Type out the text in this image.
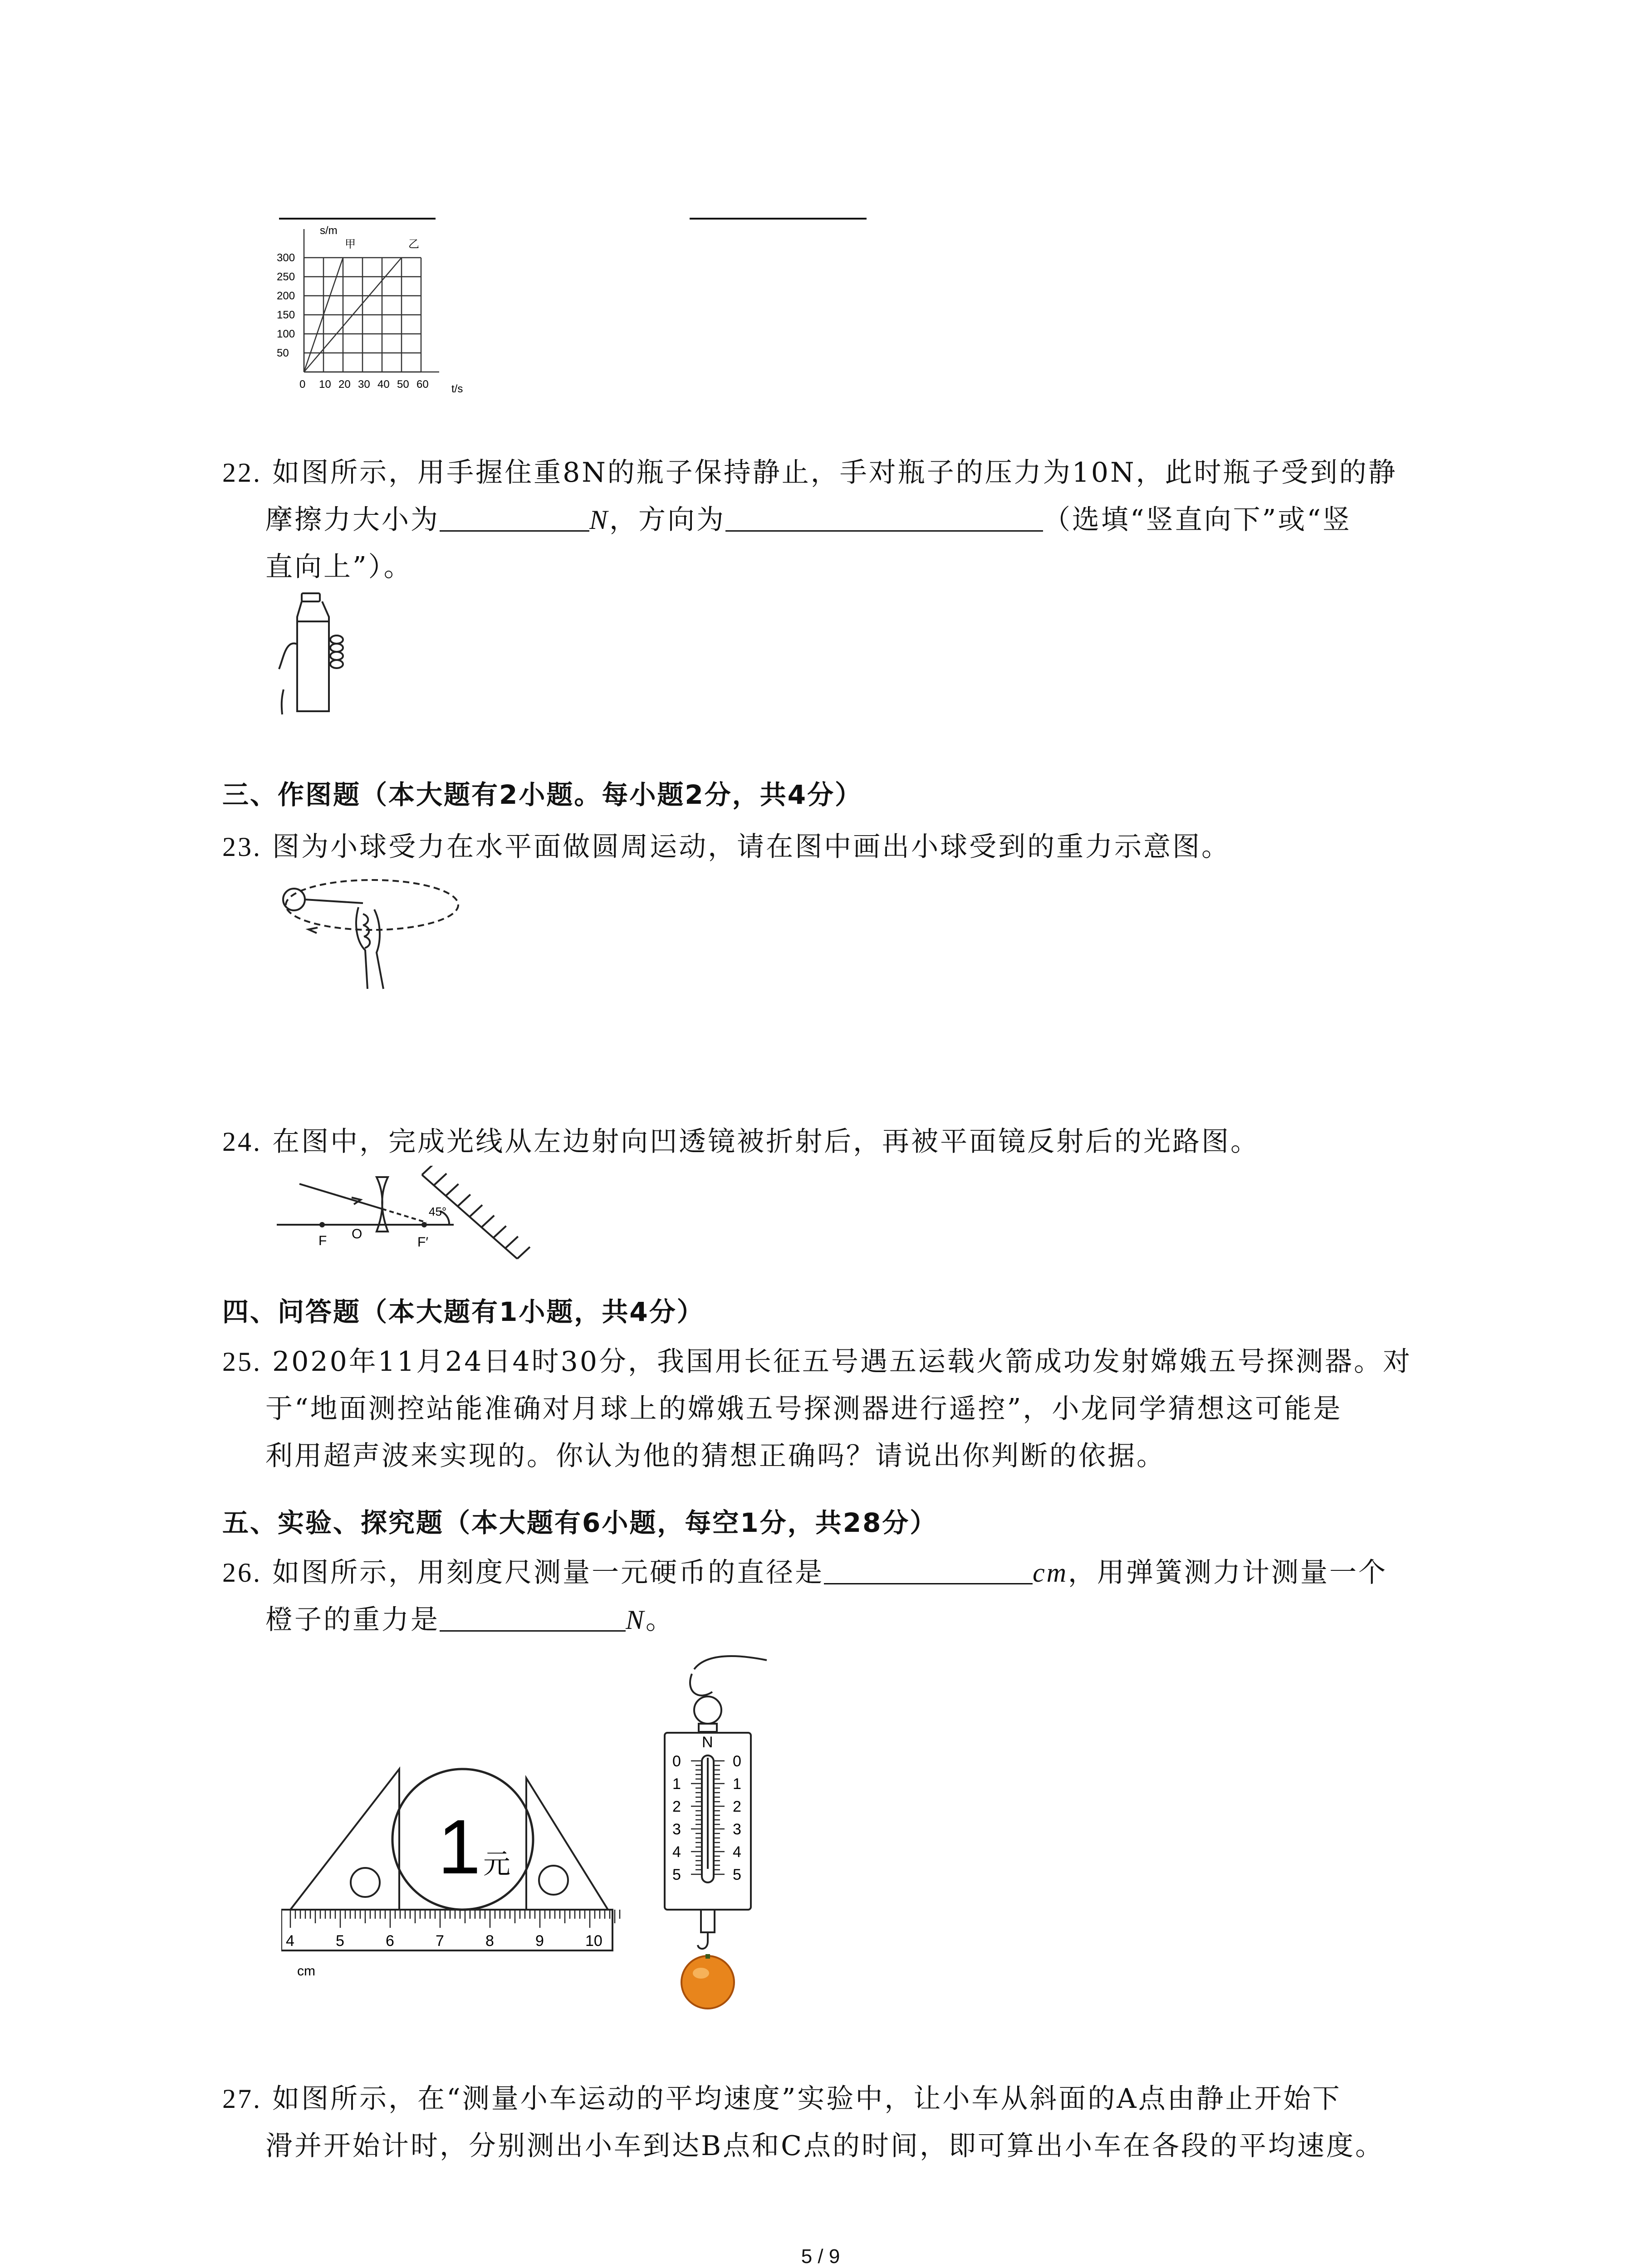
s/m
t/s
甲	乙
300
250
200
150
100
50
0 10 20 30 40 50 60
22. 如图所示，用手握住重8N的瓶子保持静止，手对瓶子的压力为10N，此时瓶子受到的静
摩擦力大小为	N，方向为	（选填“竖直向下”或“竖
直向上”）。
三、作图题（本大题有2小题。每小题2分，共4分）
23. 图为小球受力在水平面做圆周运动，请在图中画出小球受到的重力示意图。
24. 在图中，完成光线从左边射向凹透镜被折射后，再被平面镜反射后的光路图。
F O
F′
45°
四、问答题（本大题有1小题，共4分）
25. 2020年11月24日4时30分，我国用长征五号遇五运载火箭成功发射嫦娥五号探测器。对
于“地面测控站能准确对月球上的嫦娥五号探测器进行遥控”，小龙同学猜想这可能是
利用超声波来实现的。你认为他的猜想正确吗？请说出你判断的依据。
五、实验、探究题（本大题有6小题，每空1分，共28分）
26. 如图所示，用刻度尺测量一元硬币的直径是	cm，用弹簧测力计测量一个
橙子的重力是	N。
1 元
4	5	6	7	8	9	10
cm
N
0	0
1	1
2	2
3	3
4	4
5	5
27. 如图所示，在“测量小车运动的平均速度”实验中，让小车从斜面的A点由静止开始下
滑并开始计时，分别测出小车到达B点和C点的时间，即可算出小车在各段的平均速度。
5 / 9
